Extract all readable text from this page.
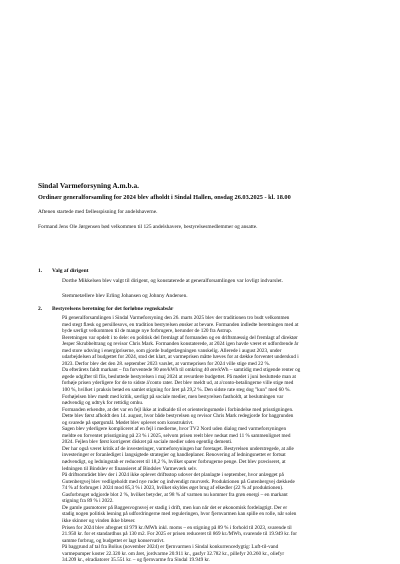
Sindal Varmeforsyning A.m.b.a.
Ordinær generalforsamling for 2024 blev afholdt i Sindal Hallen, onsdag 26.03.2025 - kl. 18.00
Aftenen startede med fællesspisning for andelshaverne.
Formand Jens Ole Jørgensen bød velkommen til 125 andelshavere, bestyrelsesmedlemmer og ansatte.
1. Valg af dirigent
Dorthe Mikkelsen blev valgt til dirigent, og konstaterede at generalforsamlingen var lovligt indvarslet.
Stemmetællere blev Erling Johansen og Johnny Andersen.
2. Bestyrelsens beretning for det forløbne regnskabsår
På generalforsamlingen i Sindal Varmeforsyning den 26. marts 2025 blev der traditionen tro budt velkommen
med stegt flæsk og persillesovs, en tradition bestyrelsen ønsker at bevare. Formanden indledte beretningen med at
byde særligt velkommen til de mange nye forbrugere, herunder de 120 fra Astrup.
Beretningen var opdelt i to dele: en politisk del fremlagt af formanden og en driftsmæssig del fremlagt af direktør
Jesper Skrubbeltrang og revisor Chris Mark. Formanden konstaterede, at 2024 igen havde været et udfordrende år
med store udsving i energipriserne, som gjorde budgetlægningen vanskelig. Allerede i august 2023, under
udarbejdelsen af budgettet for 2024, stod det klart, at varmeprisen måtte hæves for at dække forventet underskud i
2023. Derfor blev det den 28. september 2023 varslet, at varmeprisen for 2024 ville stige med 22 %.
Da efterårets faldt markant – fra forventede 90 øre/kWh til omkring 40 øre/kWh – samtidig med stigende renter og
øgede udgifter til flis, besluttede bestyrelsen i maj 2024 at revurdere budgettet. På mødet i juni besluttede man at
forhøje prisen yderligere for de to sidste á'conto rater. Det blev meldt ud, at a'conto-betalingerne ville stige med
100 %, hvilket i praksis betød en samlet stigning for året på 29,2 %. Den sidste rate steg dog "kun" med 60 %.
Forhøjelsen blev mødt med kritik, særligt på sociale medier, men bestyrelsen fastholdt, at beslutningen var
nødvendig og udtryk for rettidig omhu.
Formanden erkendte, at det var en fejl ikke at indkalde til et orienteringsmøde i forbindelse med prisstigningen.
Dette blev først afholdt den 14. august, hvor både bestyrelsen og revisor Chris Mark redegjorde for baggrunden
og svarede på spørgsmål. Mødet blev oplevet som konstruktivt.
Sagen blev yderligere kompliceret af en fejl i medierne, hvor TV2 Nord uden dialog med varmeforsyningen
meldte en forventet prisstigning på 23 % i 2025, selvom prisen reelt blev nedsat med 11 % sammenlignet med
2024. Fejlen blev først korrigeret diskret på sociale medier uden egentlig dementi.
Der har også været kritik af de investeringer, varmeforsyningen har foretaget. Bestyrelsen understregede, at alle
investeringer er foranlediget i langsigtede strategier og handleplaner. Renovering af ledningsnettet er fortsat
nødvendigt, og ledningstab er reduceret til 18,2 %, hvilket sparer forbrugerne penge. Det blev præciseret, at
ledningen til Bindslev er finansieret af Bindslev Varmeværk selv.
På driftsområdet blev der i 2024 ikke oplevet driftsstop udover det planlagte i september, hvor anlægget på
Gutenbergvej blev vedligeholdt med nye ruder og indvendigt murværk. Produktionen på Gutenbergvej dækkede
74 % af forbruget i 2024 mod 85,3 % i 2023, hvilket skyldes øget brug af elkedler (22 % af produktionen).
Gasforbruget udgjorde blot 2 %, hvilket betyder, at 98 % af varmen nu kommer fra grøn energi – en markant
stigning fra 89 % i 2022.
De gamle gasmotorer på Baggesvognsvej er stadig i drift, men kun når det er økonomisk fordelagtigt. Der er
stadig nogen politisk lesning på udfordringerne med reguleringen, hvor fjernvarmen kan spille en rolle, når solen
ikke skinner og vinden ikke blæser.
Prisen for 2024 blev afregnet til 979 kr./MWh inkl. moms – en stigning på 89 % i forhold til 2023, svarende til
21.950 kr. for et standardhus på 130 m2. For 2025 er prisen reduceret til 869 kr./MWh, svarende til 19.949 kr. for
samme forbrug, og budgettet er lagt konservativt.
På baggrund af tal fra Bolius (november 2024) er fjernvarmen i Sindal konkurrencedygtig: Luft-til-vand
varmepumper koster 22.320 kr. om året, jordvarme 20.911 kr., gasfyr 32.782 kr., pillefyr 20.260 kr., oliefyr
34.209 kr., elradiatorer 35.551 kr. – og fjernvarme fra Sindal 19.949 kr.
